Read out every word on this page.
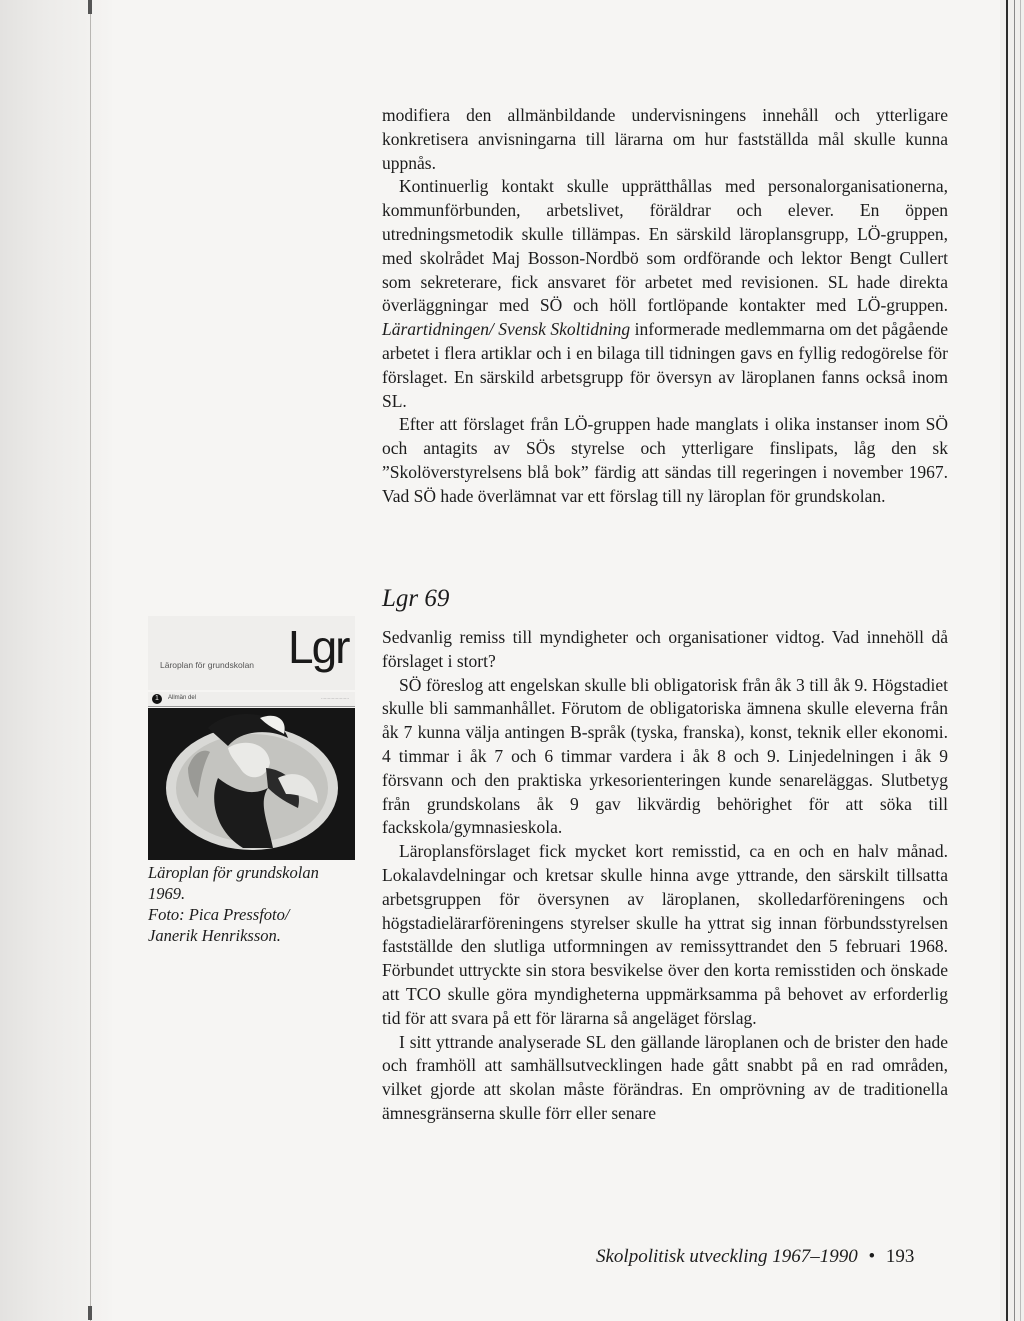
modifiera den allmänbildande undervisningens innehåll och ytterligare konkretisera anvisningarna till lärarna om hur fastställda mål skulle kunna uppnås.

Kontinuerlig kontakt skulle upprätthållas med personalorganisationerna, kommunförbunden, arbetslivet, föräldrar och elever. En öppen utredningsmetodik skulle tillämpas. En särskild läroplansgrupp, LÖ-gruppen, med skolrådet Maj Bosson-Nordbö som ordförande och lektor Bengt Cullert som sekreterare, fick ansvaret för arbetet med revisionen. SL hade direkta överläggningar med SÖ och höll fortlöpande kontakter med LÖ-gruppen. Lärartidningen/ Svensk Skoltidning informerade medlemmarna om det pågående arbetet i flera artiklar och i en bilaga till tidningen gavs en fyllig redogörelse för förslaget. En särskild arbetsgrupp för översyn av läroplanen fanns också inom SL.

Efter att förslaget från LÖ-gruppen hade manglats i olika instanser inom SÖ och antagits av SÖs styrelse och ytterligare finslipats, låg den sk ”Skolöverstyrelsens blå bok” färdig att sändas till regeringen i november 1967. Vad SÖ hade överlämnat var ett förslag till ny läroplan för grundskolan.

Lgr 69

Sedvanlig remiss till myndigheter och organisationer vidtog. Vad innehöll då förslaget i stort?

SÖ föreslog att engelskan skulle bli obligatorisk från åk 3 till åk 9. Högstadiet skulle bli sammanhållet. Förutom de obligatoriska ämnena skulle eleverna från åk 7 kunna välja antingen B-språk (tyska, franska), konst, teknik eller ekonomi. 4 timmar i åk 7 och 6 timmar vardera i åk 8 och 9. Linjedelningen i åk 9 försvann och den praktiska yrkesorienteringen kunde senareläggas. Slutbetyg från grundskolans åk 9 gav likvärdig behörighet för att söka till fackskola/gymnasieskola.

Läroplansförslaget fick mycket kort remisstid, ca en och en halv månad. Lokalavdelningar och kretsar skulle hinna avge yttrande, den särskilt tillsatta arbetsgruppen för översynen av läroplanen, skolledarföreningens och högstadielärarföreningens styrelser skulle ha yttrat sig innan förbundsstyrelsen fastställde den slutliga utformningen av remissyttrandet den 5 februari 1968. Förbundet uttryckte sin stora besvikelse över den korta remisstiden och önskade att TCO skulle göra myndigheterna uppmärksamma på behovet av erforderlig tid för att svara på ett för lärarna så angeläget förslag.

I sitt yttrande analyserade SL den gällande läroplanen och de brister den hade och framhöll att samhällsutvecklingen hade gått snabbt på en rad områden, vilket gjorde att skolan måste förändras. En omprövning av de traditionella ämnesgränserna skulle förr eller senare

Läroplan för grundskolan Lgr
1	Allmän del	·····················
Läroplan för grundskolan
1969.
Foto: Pica Pressfoto/
Janerik Henriksson.
Skolpolitisk utveckling 1967–1990 • 193
